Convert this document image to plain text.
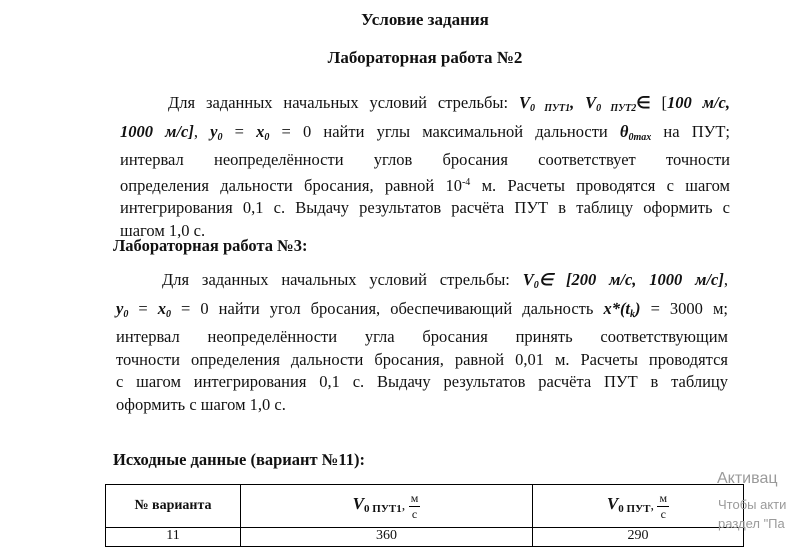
Условие задания
Лабораторная работа №2
Для заданных начальных условий стрельбы: $V_{0 ПУТ1}$, $V_{0 ПУТ2}\in$ [100 м/с,
1000 м/с], $y_0 = x_0 = 0$ найти углы максимальной дальности $\theta_{0max}$ на ПУТ;
интервал неопределённости углов бросания соответствует точности
определения дальности бросания, равной $10^{-4}$ м. Расчеты проводятся с шагом
интегрирования 0,1 с. Выдачу результатов расчёта ПУТ в таблицу оформить с
шагом 1,0 с.
Лабораторная работа №3:
Для заданных начальных условий стрельбы: $V_0\in$ [200 м/с, 1000 м/с],
$y_0 = x_0 = 0$ найти угол бросания, обеспечивающий дальность $x*(t_k) = 3000$ м;
интервал неопределённости угла бросания принять соответствующим
точности определения дальности бросания, равной 0,01 м. Расчеты проводятся
с шагом интегрирования 0,1 с. Выдачу результатов расчёта ПУТ в таблицу
оформить с шагом 1,0 с.
Исходные данные (вариант №11):
№ варианта	$V_{0 ПУТ1}$, $\frac{м}{с}$	$V_{0 ПУТ}$, $\frac{м}{с}$

11	360	290
Активац
Чтобы акти
раздел "Па
